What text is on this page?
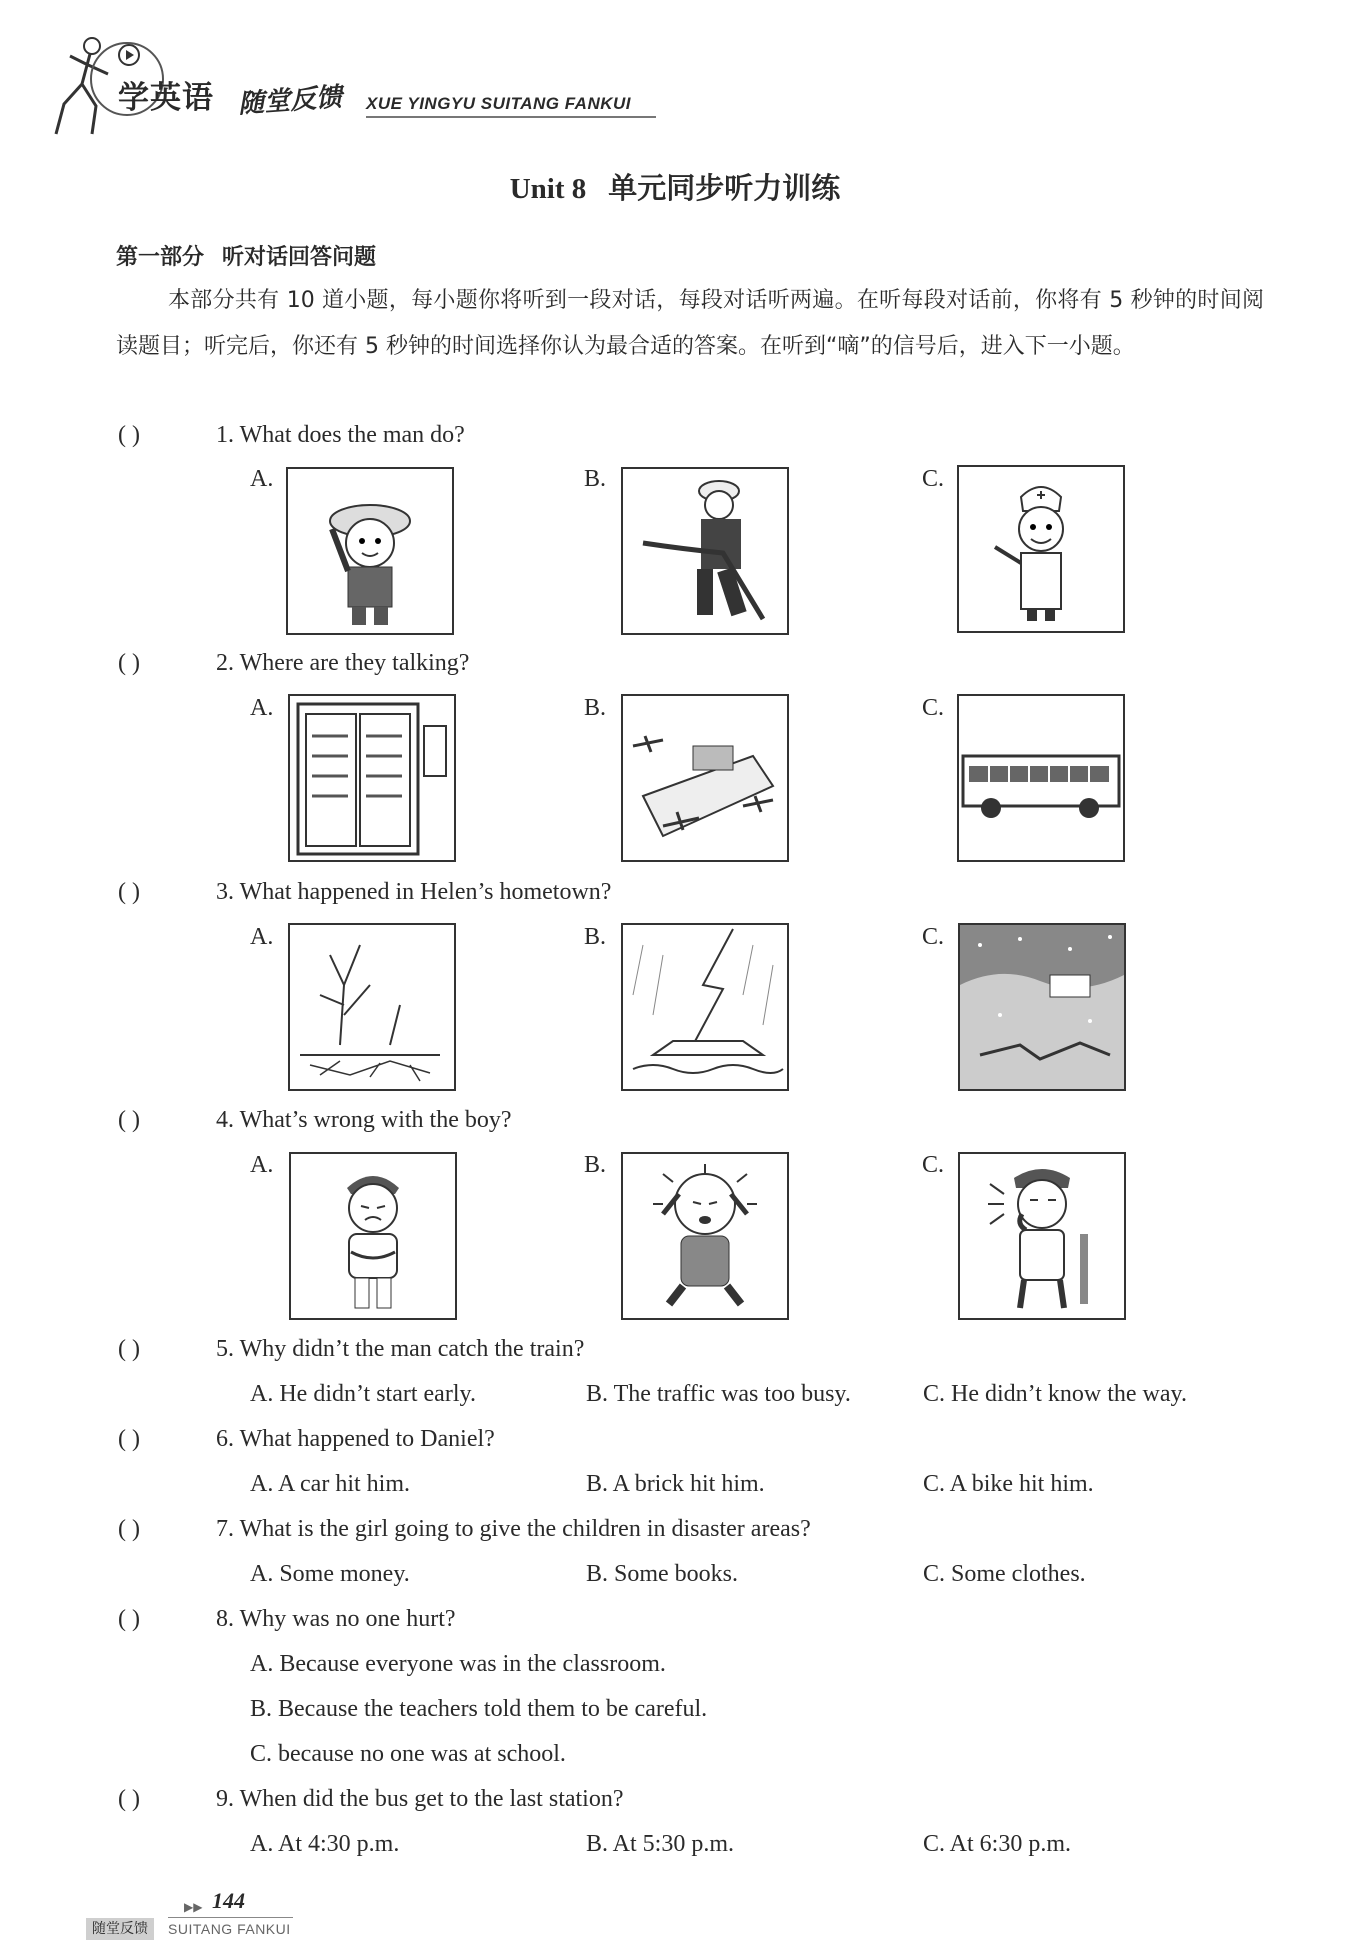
学英语 随堂反馈 XUE YINGYU SUITANG FANKUI
Unit 8 单元同步听力训练
第一部分 听对话回答问题
本部分共有 10 道小题，每小题你将听到一段对话，每段对话听两遍。在听每段对话前，你将有 5 秒钟的时间阅读题目；听完后，你还有 5 秒钟的时间选择你认为最合适的答案。在听到“嘀”的信号后，进入下一小题。
( )	1. What does the man do?
A.	B.	C.
( )	2. Where are they talking?
A.	B.	C.
( )	3. What happened in Helen’s hometown?
A.	B.	C.
( )	4. What’s wrong with the boy?
A.	B.	C.
( )	5. Why didn’t the man catch the train?
A. He didn’t start early.	B. The traffic was too busy.	C. He didn’t know the way.
( )	6. What happened to Daniel?
A. A car hit him.	B. A brick hit him.	C. A bike hit him.
( )	7. What is the girl going to give the children in disaster areas?
A. Some money.	B. Some books.	C. Some clothes.
( )	8. Why was no one hurt?
A. Because everyone was in the classroom.
B. Because the teachers told them to be careful.
C. because no one was at school.
( )	9. When did the bus get to the last station?
A. At 4:30 p.m.	B. At 5:30 p.m.	C. At 6:30 p.m.
▶▶ 144
随堂反馈	SUITANG FANKUI
